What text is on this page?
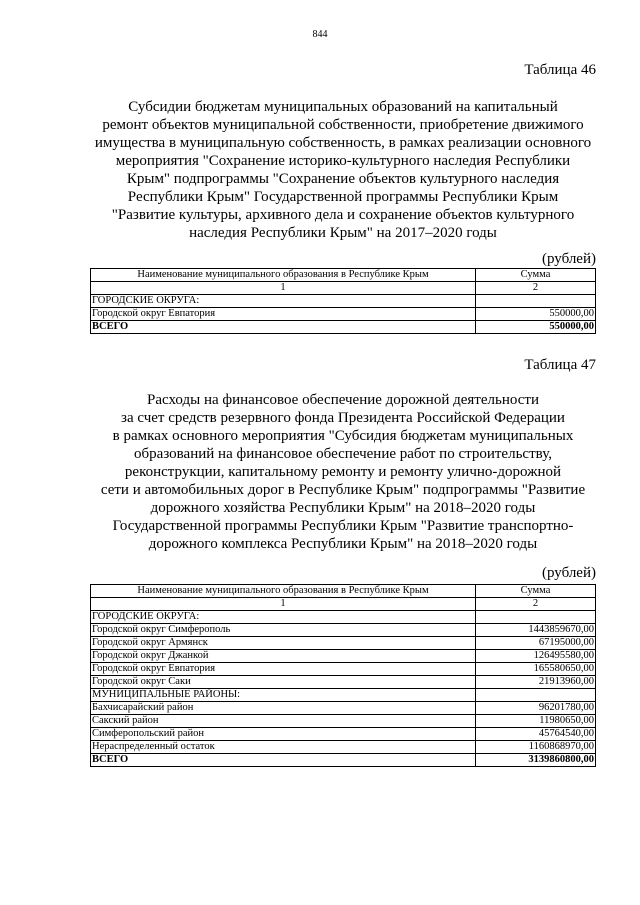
844
Таблица 46
Субсидии бюджетам муниципальных образований на капитальный
ремонт объектов муниципальной собственности, приобретение движимого
имущества в муниципальную собственность, в рамках реализации основного
мероприятия "Сохранение историко-культурного наследия Республики
Крым" подпрограммы "Сохранение объектов культурного наследия
Республики Крым" Государственной программы Республики Крым
"Развитие культуры, архивного дела и сохранение объектов культурного
наследия Республики Крым" на 2017–2020 годы
(рублей)
Наименование муниципального образования в Республике Крым	Сумма
1	2
ГОРОДСКИЕ ОКРУГА:	
Городской округ Евпатория	550000,00
ВСЕГО	550000,00
Таблица 47
Расходы на финансовое обеспечение дорожной деятельности
за счет средств резервного фонда Президента Российской Федерации
в рамках основного мероприятия "Субсидия бюджетам муниципальных
образований на финансовое обеспечение работ по строительству,
реконструкции, капитальному ремонту и ремонту улично-дорожной
сети и автомобильных дорог в Республике Крым" подпрограммы "Развитие
дорожного хозяйства Республики Крым" на 2018–2020 годы
Государственной программы Республики Крым "Развитие транспортно-
дорожного комплекса Республики Крым" на 2018–2020 годы
(рублей)
Наименование муниципального образования в Республике Крым	Сумма
1	2
ГОРОДСКИЕ ОКРУГА:	
Городской округ Симферополь	1443859670,00
Городской округ Армянск	67195000,00
Городской округ Джанкой	126495580,00
Городской округ Евпатория	165580650,00
Городской округ Саки	21913960,00
МУНИЦИПАЛЬНЫЕ РАЙОНЫ:	
Бахчисарайский район	96201780,00
Сакский район	11980650,00
Симферопольский район	45764540,00
Нераспределенный остаток	1160868970,00
ВСЕГО	3139860800,00
